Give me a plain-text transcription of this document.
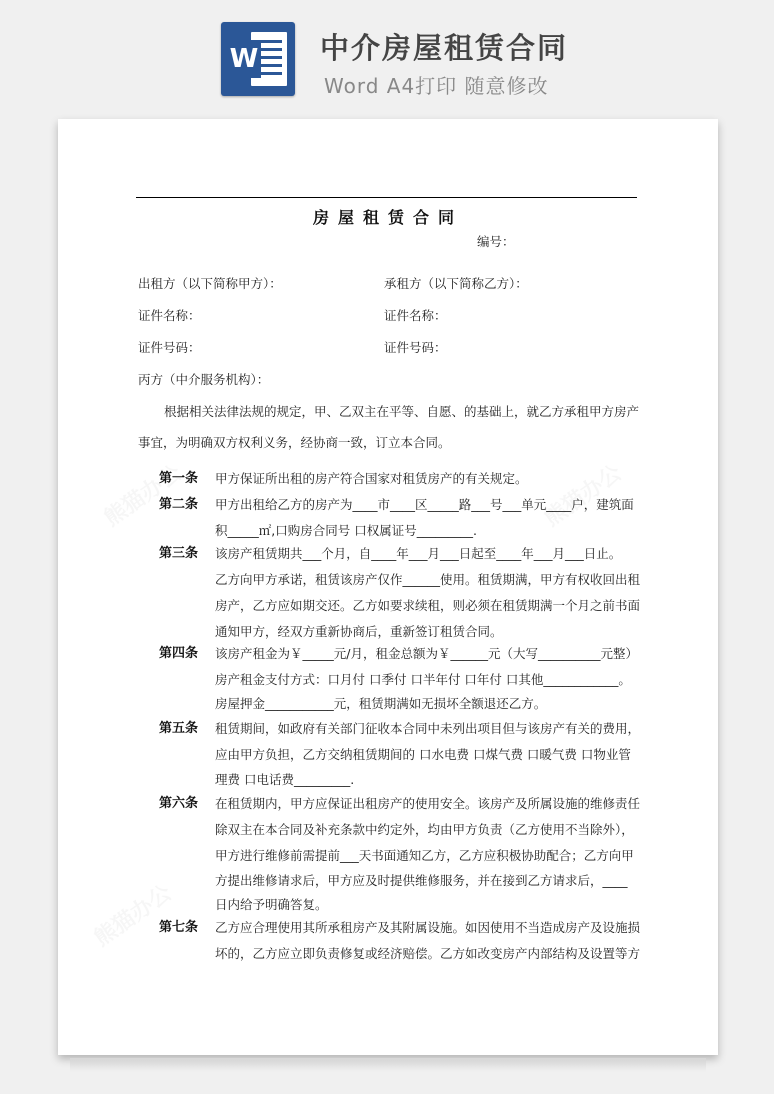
W 中介房屋租赁合同
Word A4打印 随意修改
房屋租赁合同
编号：
出租方（以下简称甲方）：	承租方（以下简称乙方）：
证件名称：	证件名称：
证件号码：	证件号码：
丙方（中介服务机构）：
根据相关法律法规的规定，甲、乙双主在平等、自愿、的基础上，就乙方承租甲方房产
事宜，为明确双方权利义务，经协商一致，订立本合同。
第一条 甲方保证所出租的房产符合国家对租赁房产的有关规定。
第二条 甲方出租给乙方的房产为____市____区_____路___号___单元____户，建筑面
积_____㎡,口购房合同号 口权属证号_________.
第三条 该房产租赁期共___个月，自____年___月___日起至____年___月___日止。
乙方向甲方承诺，租赁该房产仅作______使用。租赁期满，甲方有权收回出租
房产，乙方应如期交还。乙方如要求续租，则必须在租赁期满一个月之前书面
通知甲方，经双方重新协商后，重新签订租赁合同。
第四条 该房产租金为￥_____元/月，租金总额为￥______元（大写__________元整）
房产租金支付方式：口月付 口季付 口半年付 口年付 口其他____________。
房屋押金___________元，租赁期满如无损坏全额退还乙方。
第五条 租赁期间，如政府有关部门征收本合同中未列出项目但与该房产有关的费用，
应由甲方负担，乙方交纳租赁期间的 口水电费 口煤气费 口暖气费 口物业管
理费 口电话费_________.
第六条 在租赁期内，甲方应保证出租房产的使用安全。该房产及所属设施的维修责任
除双主在本合同及补充条款中约定外，均由甲方负责（乙方使用不当除外），
甲方进行维修前需提前___天书面通知乙方，乙方应积极协助配合；乙方向甲
方提出维修请求后，甲方应及时提供维修服务，并在接到乙方请求后，____
日内给予明确答复。
第七条 乙方应合理使用其所承租房产及其附属设施。如因使用不当造成房产及设施损
坏的，乙方应立即负责修复或经济赔偿。乙方如改变房产内部结构及设置等方
